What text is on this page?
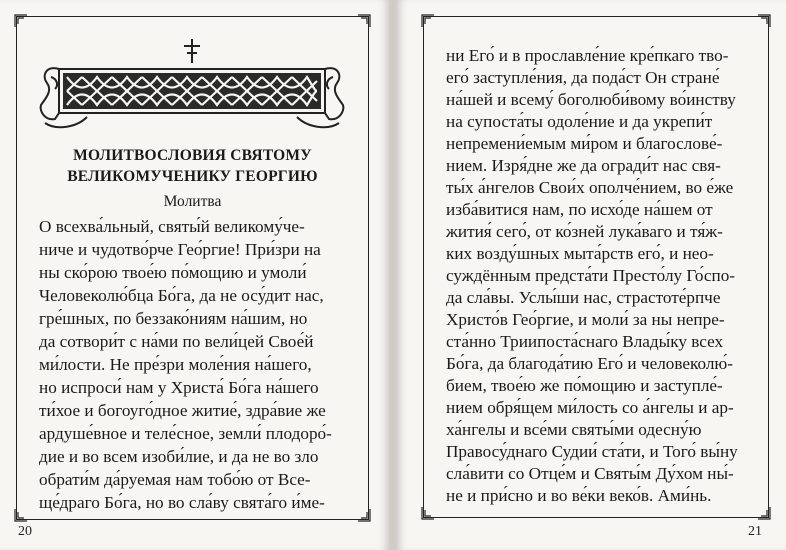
МОЛИТВОСЛОВИЯ СВЯТОМУ
ВЕЛИКОМУЧЕНИКУ ГЕОРГИЮ
Молитва
О всехва́льный, святы́й великому́че-
ниче и чудотво́рче Гео́ргие! При́зри на
ны ско́рою твое́ю по́мощию и умоли́
Человеколю́бца Бо́га, да не осу́дит нас,
гре́шных, по беззако́ниям на́шим, но
да сотвори́т с на́ми по вели́цей Свое́й
ми́лости. Не пре́зри моле́ния на́шего,
но испроси́ нам у Христа́ Бо́га на́шего
ти́хое и богоуго́дное житие́, здра́вие же
ардуше́вное и теле́сное, земли́ плодоро́-
дие и во всем изоби́лие, и да не во зло
обрати́м да́руемая нам тобо́ю от Все-
ще́драго Бо́га, но во сла́ву свята́го и́ме-
20
ни Его́ и в прославле́ние кре́пкаго тво-
его́ заступле́ния, да пода́ст Он стране́
на́шей и всему́ боголюби́вому во́инству
на супоста́ты одоле́ние и да укрепи́т
непремени́емым ми́ром и благослове́-
нием. Изря́дне же да огради́т нас свя-
ты́х а́нгелов Свои́х ополче́нием, во е́же
изба́витися нам, по исхо́де на́шем от
жития́ сего́, от ко́зней лука́ваго и тя́ж-
ких возду́шных мыта́рств его́, и нео-
суждённым предста́ти Престо́лу Го́спо-
да сла́вы. Услы́ши нас, страстоте́рпче
Христо́в Гео́ргие, и моли́ за ны непре-
ста́нно Триипоста́снаго Влады́ку всех
Бо́га, да благода́тию Его́ и человеколю́-
бием, твое́ю же по́мощию и заступле́-
нием обря́щем ми́лость со а́нгелы и ар-
ха́нгелы и все́ми святы́ми одесну́ю
Правосу́днаго Судии́ ста́ти, и Того́ вы́ну
сла́вити со Отце́м и Святы́м Ду́хом ны́-
не и при́сно и во ве́ки веко́в. Ами́нь.
21
